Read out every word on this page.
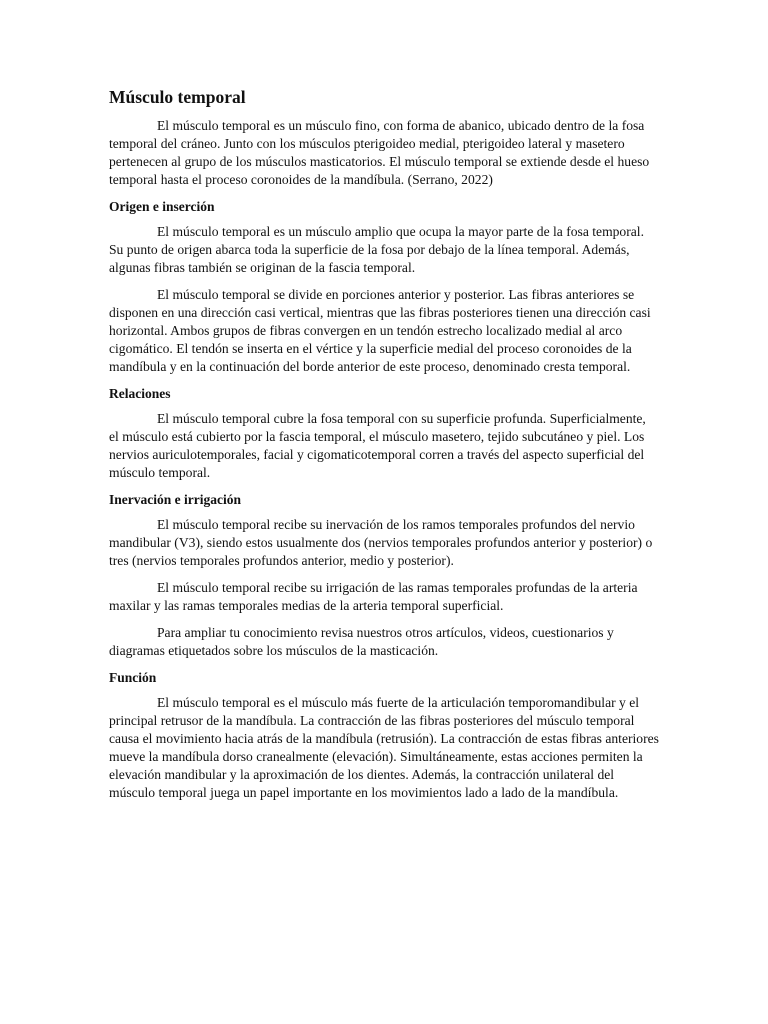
Músculo temporal

El músculo temporal es un músculo fino, con forma de abanico, ubicado dentro de la fosa temporal del cráneo. Junto con los músculos pterigoideo medial, pterigoideo lateral y masetero pertenecen al grupo de los músculos masticatorios. El músculo temporal se extiende desde el hueso temporal hasta el proceso coronoides de la mandíbula. (Serrano, 2022)

Origen e inserción

El músculo temporal es un músculo amplio que ocupa la mayor parte de la fosa temporal. Su punto de origen abarca toda la superficie de la fosa por debajo de la línea temporal. Además, algunas fibras también se originan de la fascia temporal.

El músculo temporal se divide en porciones anterior y posterior. Las fibras anteriores se disponen en una dirección casi vertical, mientras que las fibras posteriores tienen una dirección casi horizontal. Ambos grupos de fibras convergen en un tendón estrecho localizado medial al arco cigomático. El tendón se inserta en el vértice y la superficie medial del proceso coronoides de la mandíbula y en la continuación del borde anterior de este proceso, denominado cresta temporal.

Relaciones

El músculo temporal cubre la fosa temporal con su superficie profunda. Superficialmente, el músculo está cubierto por la fascia temporal, el músculo masetero, tejido subcutáneo y piel. Los nervios auriculotemporales, facial y cigomaticotemporal corren a través del aspecto superficial del músculo temporal.

Inervación e irrigación

El músculo temporal recibe su inervación de los ramos temporales profundos del nervio mandibular (V3), siendo estos usualmente dos (nervios temporales profundos anterior y posterior) o tres (nervios temporales profundos anterior, medio y posterior).

El músculo temporal recibe su irrigación de las ramas temporales profundas de la arteria maxilar y las ramas temporales medias de la arteria temporal superficial.

Para ampliar tu conocimiento revisa nuestros otros artículos, videos, cuestionarios y diagramas etiquetados sobre los músculos de la masticación.

Función

El músculo temporal es el músculo más fuerte de la articulación temporomandibular y el principal retrusor de la mandíbula. La contracción de las fibras posteriores del músculo temporal causa el movimiento hacia atrás de la mandíbula (retrusión). La contracción de estas fibras anteriores mueve la mandíbula dorso cranealmente (elevación). Simultáneamente, estas acciones permiten la elevación mandibular y la aproximación de los dientes. Además, la contracción unilateral del músculo temporal juega un papel importante en los movimientos lado a lado de la mandíbula.
